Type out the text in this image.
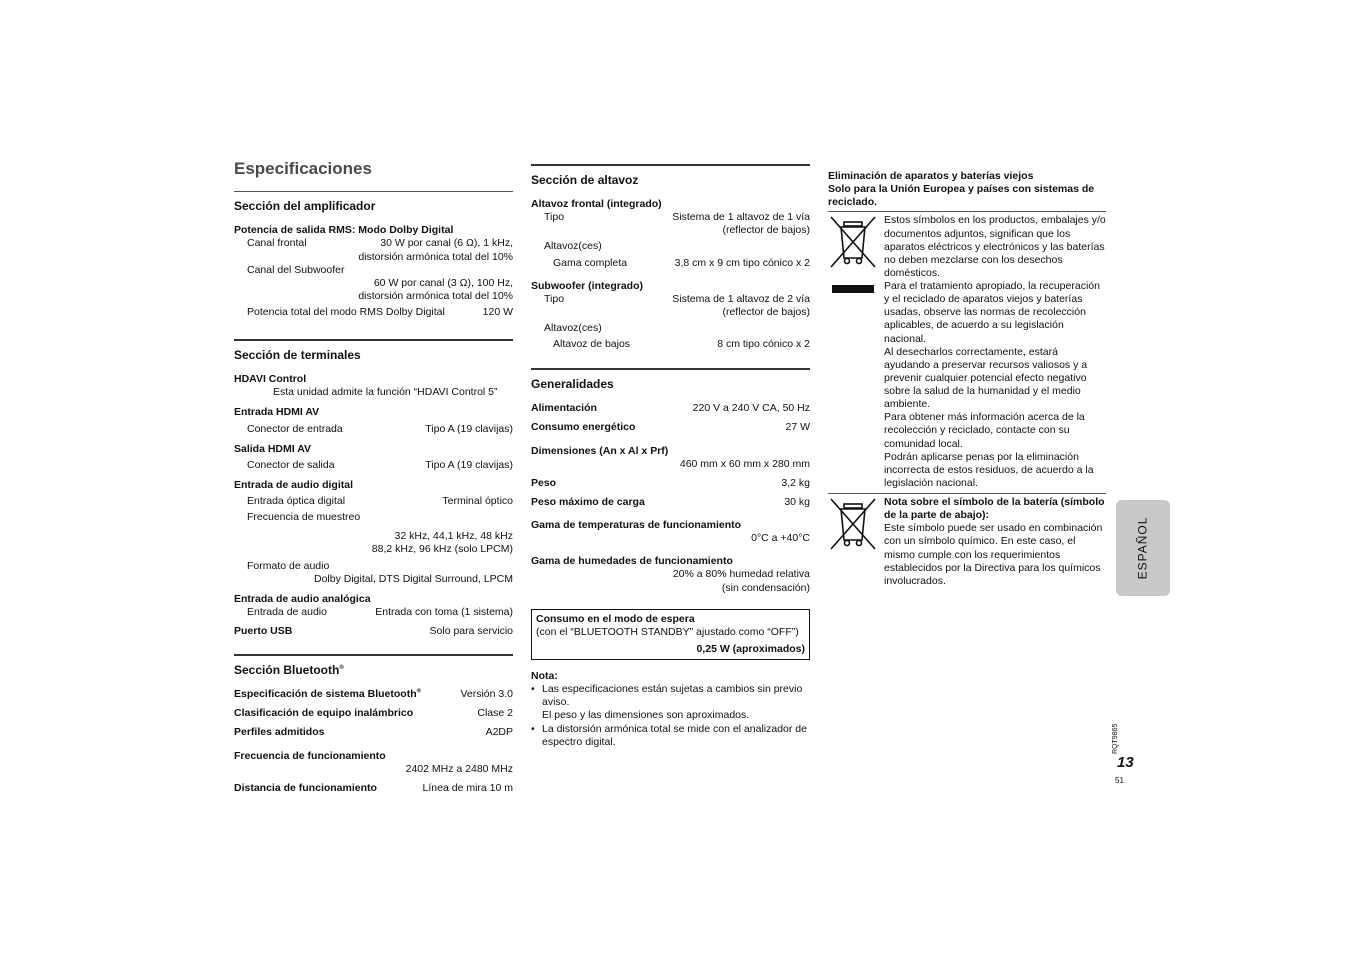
Especificaciones
Sección del amplificador
Potencia de salida RMS: Modo Dolby Digital
Canal frontal	30 W por canal (6 Ω), 1 kHz,
distorsión armónica total del 10%
Canal del Subwoofer
60 W por canal (3 Ω), 100 Hz,
distorsión armónica total del 10%
Potencia total del modo RMS Dolby Digital	120 W
Sección de terminales
HDAVI Control
Esta unidad admite la función “HDAVI Control 5”
Entrada HDMI AV
Conector de entrada	Tipo A (19 clavijas)
Salida HDMI AV
Conector de salida	Tipo A (19 clavijas)
Entrada de audio digital
Entrada óptica digital	Terminal óptico
Frecuencia de muestreo
32 kHz, 44,1 kHz, 48 kHz
88,2 kHz, 96 kHz (solo LPCM)
Formato de audio
Dolby Digital, DTS Digital Surround, LPCM
Entrada de audio analógica
Entrada de audio	Entrada con toma (1 sistema)
Puerto USB	Solo para servicio
Sección Bluetooth®
Especificación de sistema Bluetooth®	Versión 3.0
Clasificación de equipo inalámbrico	Clase 2
Perfiles admitidos	A2DP
Frecuencia de funcionamiento
2402 MHz a 2480 MHz
Distancia de funcionamiento	Línea de mira 10 m
Sección de altavoz
Altavoz frontal (integrado)
Tipo	Sistema de 1 altavoz de 1 vía
(reflector de bajos)
Altavoz(ces)
Gama completa	3,8 cm x 9 cm tipo cónico x 2
Subwoofer (integrado)
Tipo	Sistema de 1 altavoz de 2 vía
(reflector de bajos)
Altavoz(ces)
Altavoz de bajos	8 cm tipo cónico x 2
Generalidades
Alimentación	220 V a 240 V CA, 50 Hz
Consumo energético	27 W
Dimensiones (An x Al x Prf)
460 mm x 60 mm x 280 mm
Peso	3,2 kg
Peso máximo de carga	30 kg
Gama de temperaturas de funcionamiento
0°C a +40°C
Gama de humedades de funcionamiento
20% a 80% humedad relativa
(sin condensación)
Consumo en el modo de espera
(con el “BLUETOOTH STANDBY” ajustado como “OFF”)
0,25 W (aproximados)
Nota:
• Las especificaciones están sujetas a cambios sin previo aviso.
El peso y las dimensiones son aproximados.
• La distorsión armónica total se mide con el analizador de espectro digital.
Eliminación de aparatos y baterías viejos
Solo para la Unión Europea y países con sistemas de reciclado.
Estos símbolos en los productos, embalajes y/o documentos adjuntos, significan que los aparatos eléctricos y electrónicos y las baterías no deben mezclarse con los desechos domésticos.
Para el tratamiento apropiado, la recuperación y el reciclado de aparatos viejos y baterías usadas, observe las normas de recolección aplicables, de acuerdo a su legislación nacional.
Al desecharlos correctamente, estará ayudando a preservar recursos valiosos y a prevenir cualquier potencial efecto negativo sobre la salud de la humanidad y el medio ambiente.
Para obtener más información acerca de la recolección y reciclado, contacte con su comunidad local.
Podrán aplicarse penas por la eliminación incorrecta de estos residuos, de acuerdo a la legislación nacional.
Nota sobre el símbolo de la batería (símbolo de la parte de abajo):
Este símbolo puede ser usado en combinación con un símbolo químico. En este caso, el mismo cumple con los requerimientos establecidos por la Directiva para los químicos involucrados.
ESPAÑOL
RQT9865
13
51
